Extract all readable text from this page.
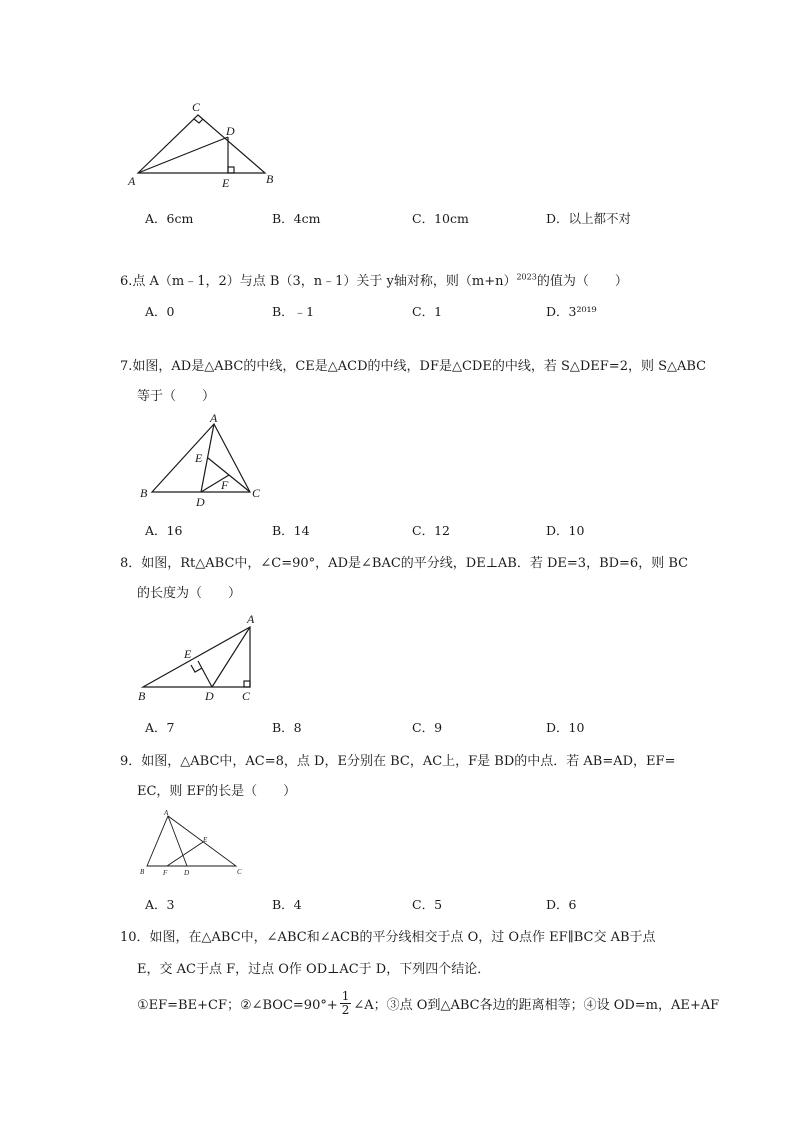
C
D
A	E	B
A．6cm	B．4cm	C．10cm	D．以上都不对
6.点 A（m﹣1，2）与点 B（3，n﹣1）关于 y轴对称，则$(m+n)^{2023}$的值为（　　）
A．0	B．﹣1	C．1	D．3²⁰¹⁹
7.如图，AD是△ABC的中线，CE是△ACD的中线，DF是△CDE的中线，若 S△DEF=2，则 S△ABC
等于（　　）
A
E
F
B
D
C
A．16	B．14	C．12	D．10
8．如图，Rt△ABC中，∠C=90°，AD是∠BAC的平分线，DE⊥AB．若 DE=3，BD=6，则 BC
的长度为（　　）
A
E
B	D C
A．7	B．8	C．9	D．10
9．如图，△ABC中，AC=8，点 D，E分别在 BC，AC上，F是 BD的中点．若 AB=AD，EF=
EC，则 EF的长是（　　）
A
E
B	F D	C
A．3	B．4	C．5	D．6
10．如图，在△ABC中，∠ABC和∠ACB的平分线相交于点 O，过 O点作 EF∥BC交 AB于点
E，交 AC于点 F，过点 O作 OD⊥AC于 D，下列四个结论．
①EF=BE+CF；②∠BOC=90°+ $\frac{1}{2}$ ∠A；③点 O到△ABC各边的距离相等；④设 OD=m，AE+AF
